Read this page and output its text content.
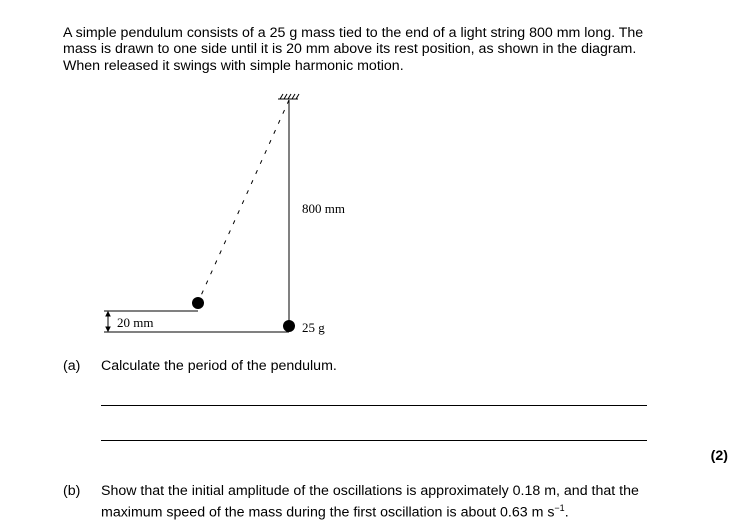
A simple pendulum consists of a 25 g mass tied to the end of a light string 800 mm long. The

mass is drawn to one side until it is 20 mm above its rest position, as shown in the diagram.

When released it swings with simple harmonic motion.

800 mm
20 mm	25 g
(a) Calculate the period of the pendulum.
(2)
(b) Show that the initial amplitude of the oscillations is approximately 0.18 m, and that the
maximum speed of the mass during the first oscillation is about 0.63 m $s^{-1}$.
